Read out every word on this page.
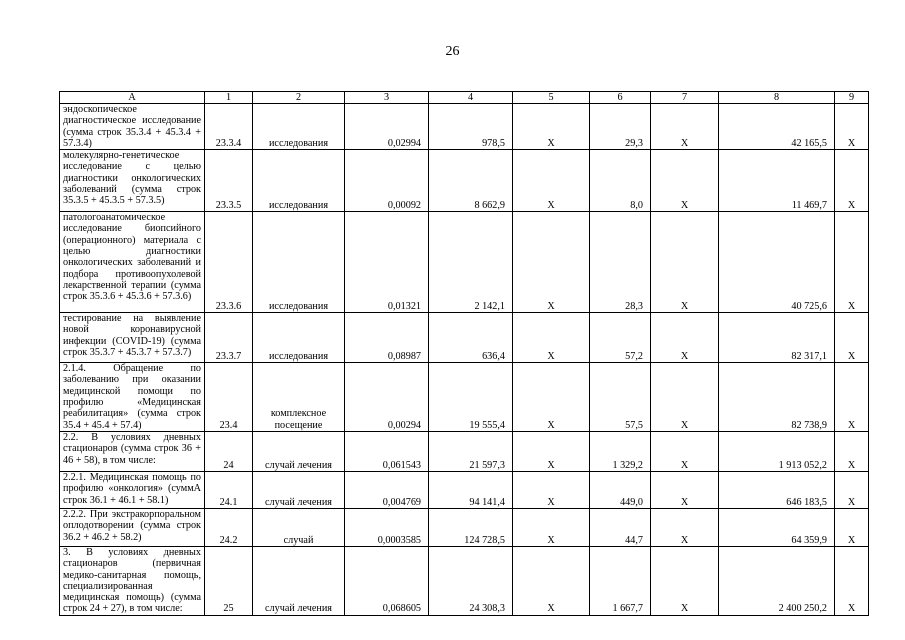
26
А	1	2	3	4	5	6	7	8	9
эндоскопическое диагностическое исследование (сумма строк 35.3.4 + 45.3.4 + 57.3.4)	23.3.4	исследования	0,02994	978,5	X	29,3	X	42 165,5	X
молекулярно-генетическое исследование с целью диагностики онкологических заболеваний (сумма строк 35.3.5 + 45.3.5 + 57.3.5)	23.3.5	исследования	0,00092	8 662,9	X	8,0	X	11 469,7	X
патологоанатомическое исследование биопсийного (операционного) материала с целью диагностики онкологических заболеваний и подбора противоопухолевой лекарственной терапии (сумма строк 35.3.6 + 45.3.6 + 57.3.6)	23.3.6	исследования	0,01321	2 142,1	X	28,3	X	40 725,6	X
тестирование на выявление новой коронавирусной инфекции (COVID-19) (сумма строк 35.3.7 + 45.3.7 + 57.3.7)	23.3.7	исследования	0,08987	636,4	X	57,2	X	82 317,1	X
2.1.4. Обращение по заболеванию при оказании медицинской помощи по профилю «Медицинская реабилитация» (сумма строк 35.4 + 45.4 + 57.4)	23.4	комплексное посещение	0,00294	19 555,4	X	57,5	X	82 738,9	X
2.2. В условиях дневных стационаров (сумма строк 36 + 46 + 58), в том числе:	24	случай лечения	0,061543	21 597,3	X	1 329,2	X	1 913 052,2	X
2.2.1. Медицинская помощь по профилю «онкология» (суммА строк 36.1 + 46.1 + 58.1)	24.1	случай лечения	0,004769	94 141,4	X	449,0	X	646 183,5	X
2.2.2. При экстракорпоральном оплодотворении (сумма строк 36.2 + 46.2 + 58.2)	24.2	случай	0,0003585	124 728,5	X	44,7	X	64 359,9	X
3. В условиях дневных стационаров (первичная медико-санитарная помощь, специализированная медицинская помощь) (сумма строк 24 + 27), в том числе:	25	случай лечения	0,068605	24 308,3	X	1 667,7	X	2 400 250,2	X
